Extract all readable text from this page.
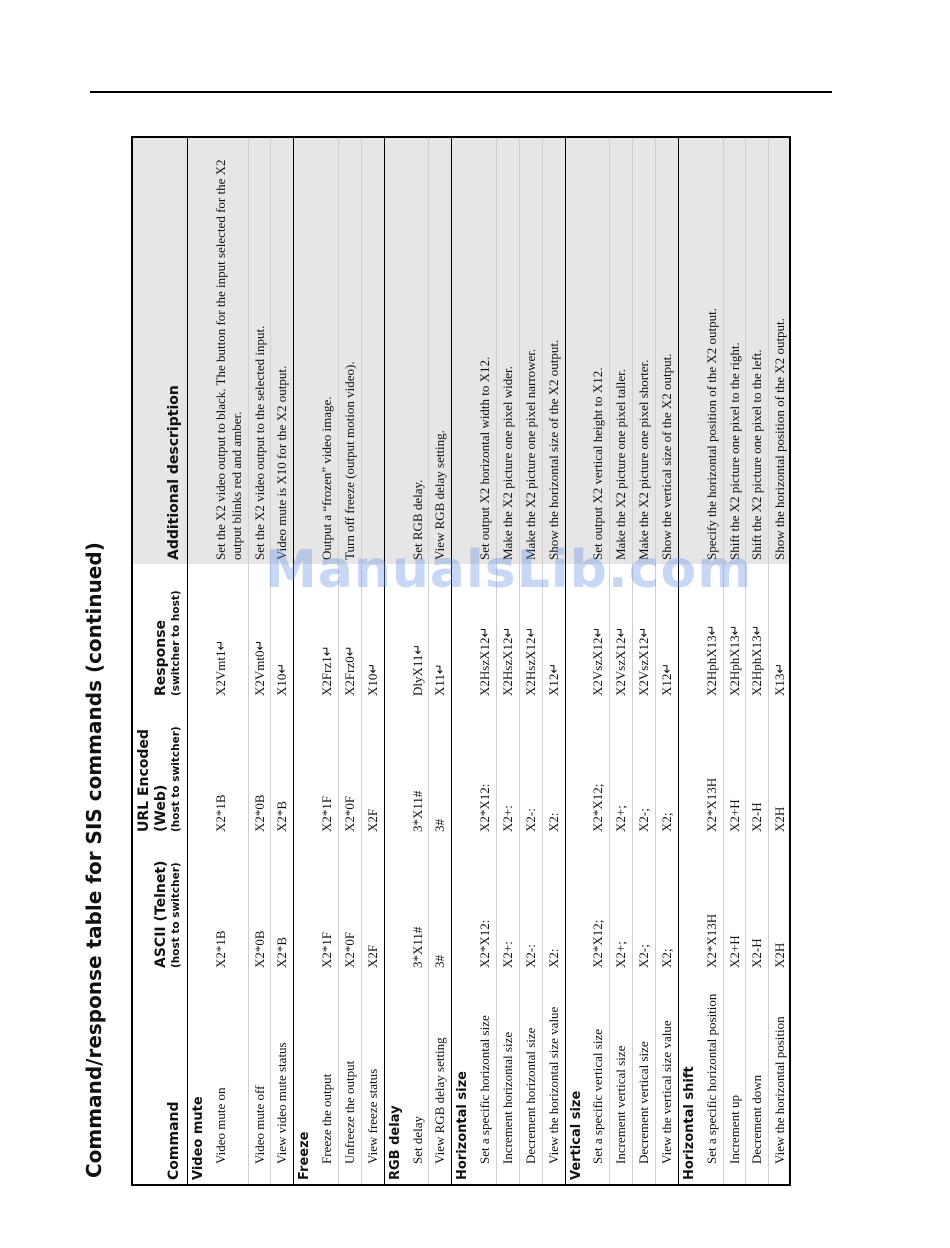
Command/response table for SIS commands (continued)	Command	ASCII (Telnet) (host to switcher)	URL Encoded (Web) (host to switcher)	Response (switcher to host)	Additional description
Video mute				
Video mute on	X2*1B	X2*1B	X2Vmt1↵	Set the X2 video output to black. The button for the input selected for the X2 output blinks red and amber.
Video mute off	X2*0B	X2*0B	X2Vmt0↵	Set the X2 video output to the selected input.
View video mute status	X2*B	X2*B	X10↵	Video mute is X10 for the X2 output.
Freeze				
Freeze the output	X2*1F	X2*1F	X2Frz1↵	Output a “frozen” video image.
Unfreeze the output	X2*0F	X2*0F	X2Frz0↵	Turn off freeze (output motion video).
View freeze status	X2F	X2F	X10↵	
RGB delay				
Set delay	3*X11#	3*X11#	DlyX11↵	Set RGB delay.
View RGB delay setting	3#	3#	X11↵	View RGB delay setting.
Horizontal size				
Set a specific horizontal size	X2*X12:	X2*X12:	X2HszX12↵	Set output X2 horizontal width to X12.
Increment horizontal size	X2+:	X2+:	X2HszX12↵	Make the X2 picture one pixel wider.
Decrement horizontal size	X2-:	X2-:	X2HszX12↵	Make the X2 picture one pixel narrower.
View the horizontal size value	X2:	X2:	X12↵	Show the horizontal size of the X2 output.
Vertical size				
Set a specific vertical size	X2*X12;	X2*X12;	X2VszX12↵	Set output X2 vertical height to X12.
Increment vertical size	X2+;	X2+;	X2VszX12↵	Make the X2 picture one pixel taller.
Decrement vertical size	X2-;	X2-;	X2VszX12↵	Make the X2 picture one pixel shorter.
View the vertical size value	X2;	X2;	X12↵	Show the vertical size of the X2 output.
Horizontal shift				
Set a specific horizontal position	X2*X13H	X2*X13H	X2HphX13↵	Specify the horizontal position of the X2 output.
Increment up	X2+H	X2+H	X2HphX13↵	Shift the X2 picture one pixel to the right.
Decrement down	X2-H	X2-H	X2HphX13↵	Shift the X2 picture one pixel to the left.
View the horizontal position	X2H	X2H	X13↵	Show the horizontal position of the X2 output.
ManualsLib.com
